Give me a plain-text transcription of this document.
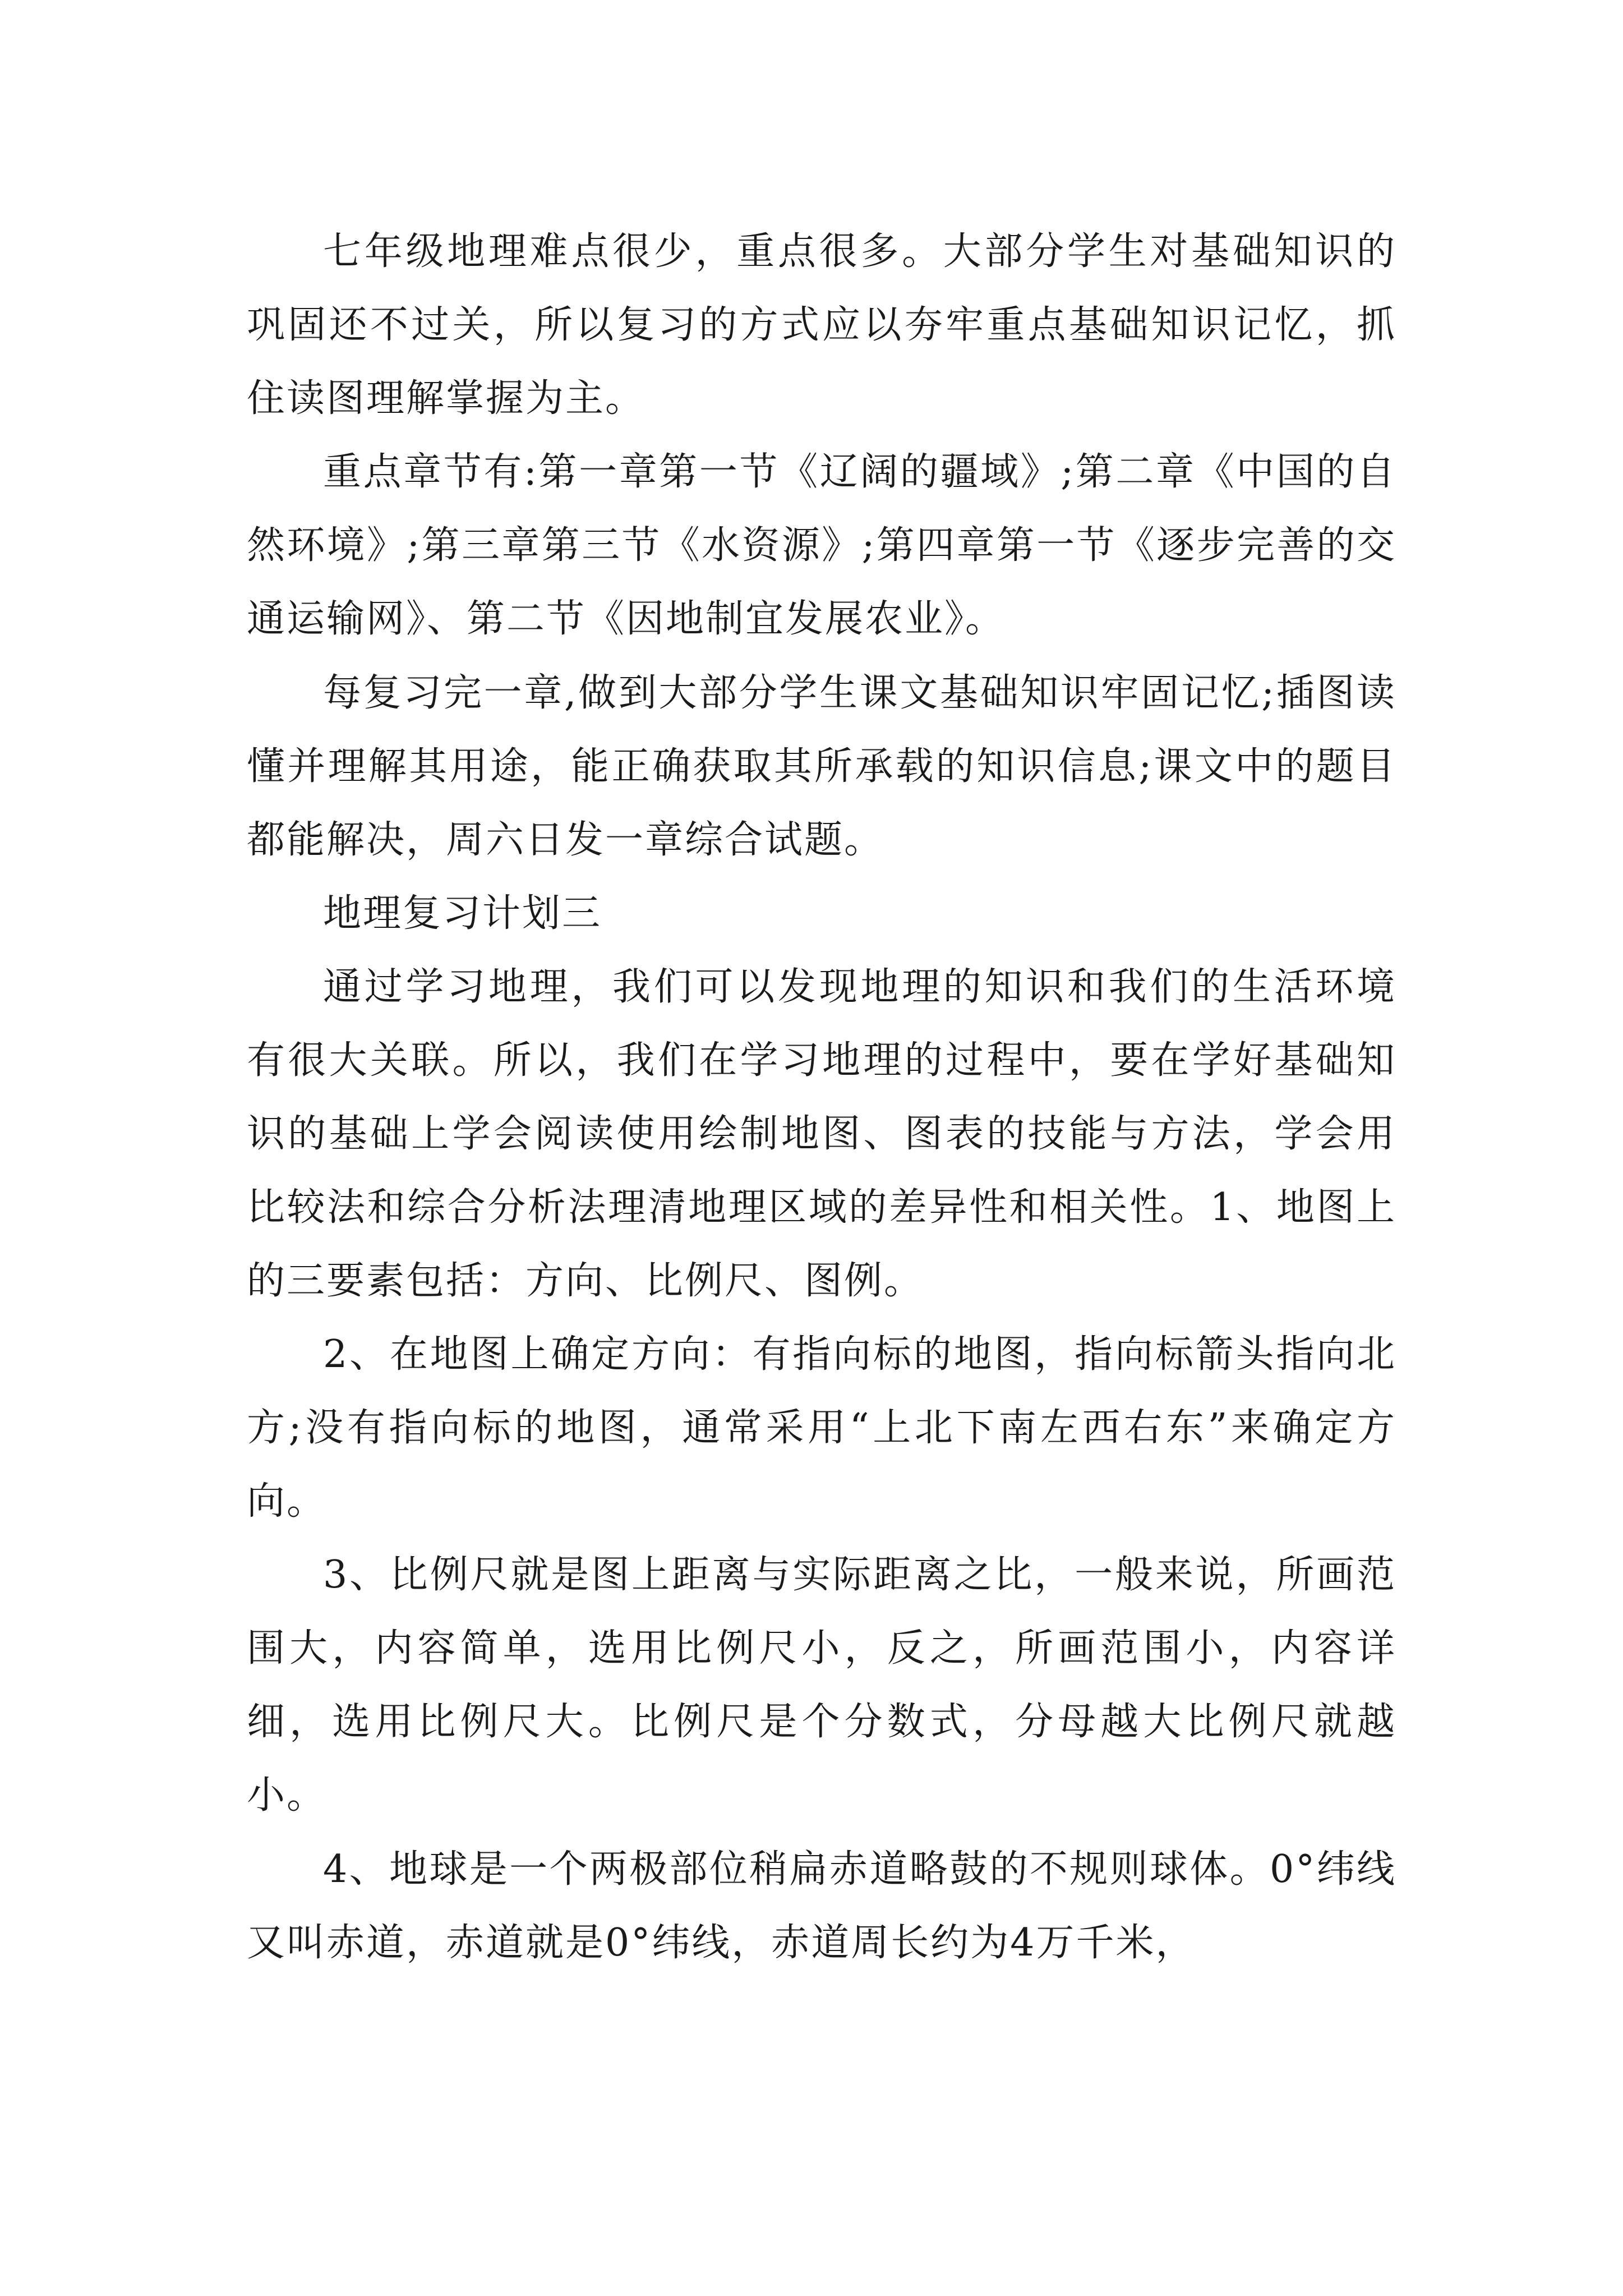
七年级地理难点很少，重点很多。大部分学生对基础知识的巩固还不过关，所以复习的方式应以夯牢重点基础知识记忆，抓住读图理解掌握为主。

重点章节有:第一章第一节《辽阔的疆域》;第二章《中国的自然环境》;第三章第三节《水资源》;第四章第一节《逐步完善的交通运输网》、第二节《因地制宜发展农业》。

每复习完一章,做到大部分学生课文基础知识牢固记忆;插图读懂并理解其用途，能正确获取其所承载的知识信息;课文中的题目都能解决，周六日发一章综合试题。

地理复习计划三

通过学习地理，我们可以发现地理的知识和我们的生活环境有很大关联。所以，我们在学习地理的过程中，要在学好基础知识的基础上学会阅读使用绘制地图、图表的技能与方法，学会用比较法和综合分析法理清地理区域的差异性和相关性。1、地图上的三要素包括：方向、比例尺、图例。

2、在地图上确定方向：有指向标的地图，指向标箭头指向北方;没有指向标的地图，通常采用“上北下南左西右东”来确定方向。

3、比例尺就是图上距离与实际距离之比，一般来说，所画范围大，内容简单，选用比例尺小，反之，所画范围小，内容详细，选用比例尺大。比例尺是个分数式，分母越大比例尺就越小。

4、地球是一个两极部位稍扁赤道略鼓的不规则球体。0°纬线又叫赤道，赤道就是0°纬线，赤道周长约为4万千米，
